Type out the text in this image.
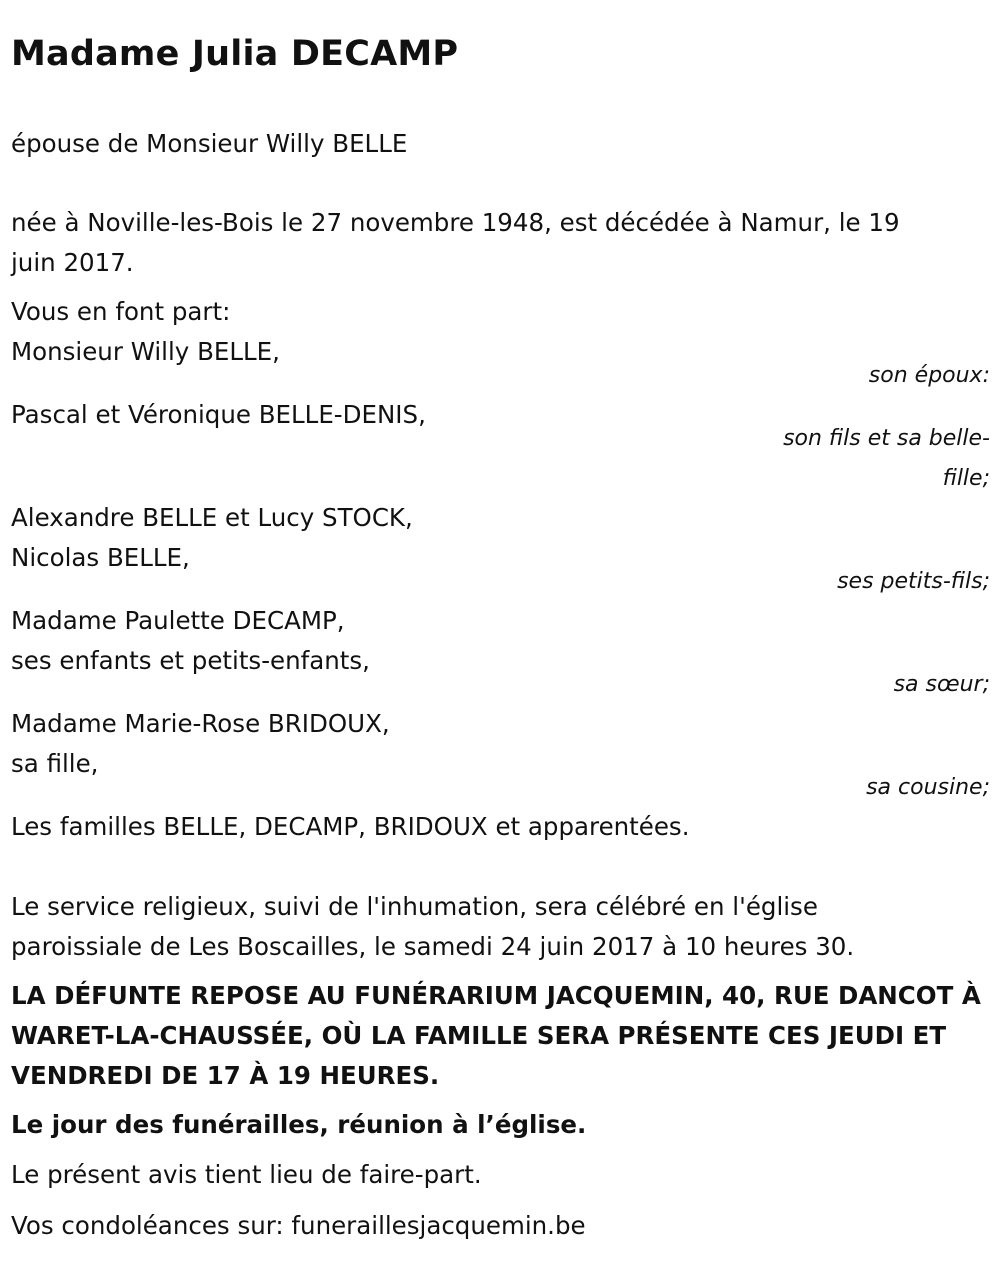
Madame Julia DECAMP

épouse de Monsieur Willy BELLE

née à Noville-les-Bois le 27 novembre 1948, est décédée à Namur, le 19

juin 2017.

Vous en font part:

Monsieur Willy BELLE,

son époux:

Pascal et Véronique BELLE-DENIS,

son fils et sa belle-

fille;

Alexandre BELLE et Lucy STOCK,

Nicolas BELLE,

ses petits-fils;

Madame Paulette DECAMP,

ses enfants et petits-enfants,

sa sœur;

Madame Marie-Rose BRIDOUX,

sa fille,

sa cousine;

Les familles BELLE, DECAMP, BRIDOUX et apparentées.

Le service religieux, suivi de l'inhumation, sera célébré en l'église

paroissiale de Les Boscailles, le samedi 24 juin 2017 à 10 heures 30.

LA DÉFUNTE REPOSE AU FUNÉRARIUM JACQUEMIN, 40, RUE DANCOT À

WARET-LA-CHAUSSÉE, OÙ LA FAMILLE SERA PRÉSENTE CES JEUDI ET

VENDREDI DE 17 À 19 HEURES.

Le jour des funérailles, réunion à l’église.

Le présent avis tient lieu de faire-part.

Vos condoléances sur: funeraillesjacquemin.be
